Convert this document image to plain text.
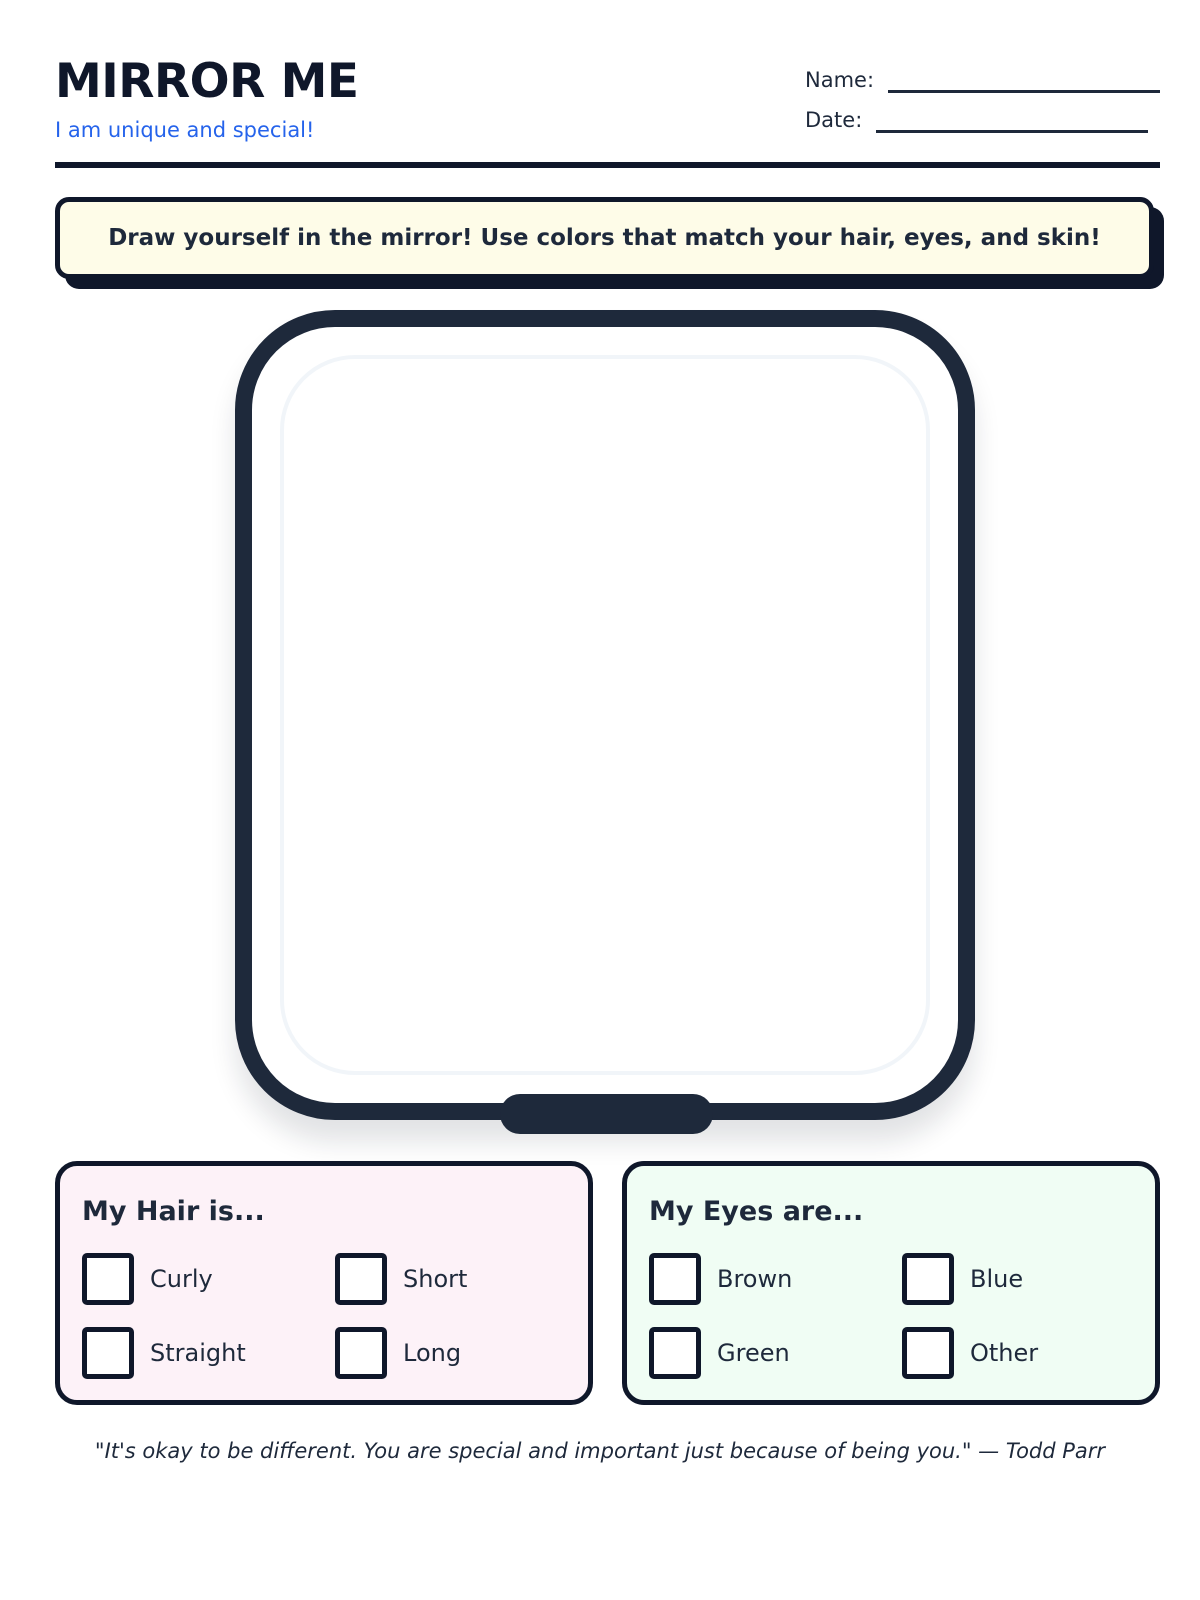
MIRROR ME
I am unique and special!
Name:
Date:
Draw yourself in the mirror! Use colors that match your hair, eyes, and skin!
My Hair is...
Curly	Short
Straight	Long
My Eyes are...
Brown	Blue
Green	Other
"It's okay to be different. You are special and important just because of being you." — Todd Parr
